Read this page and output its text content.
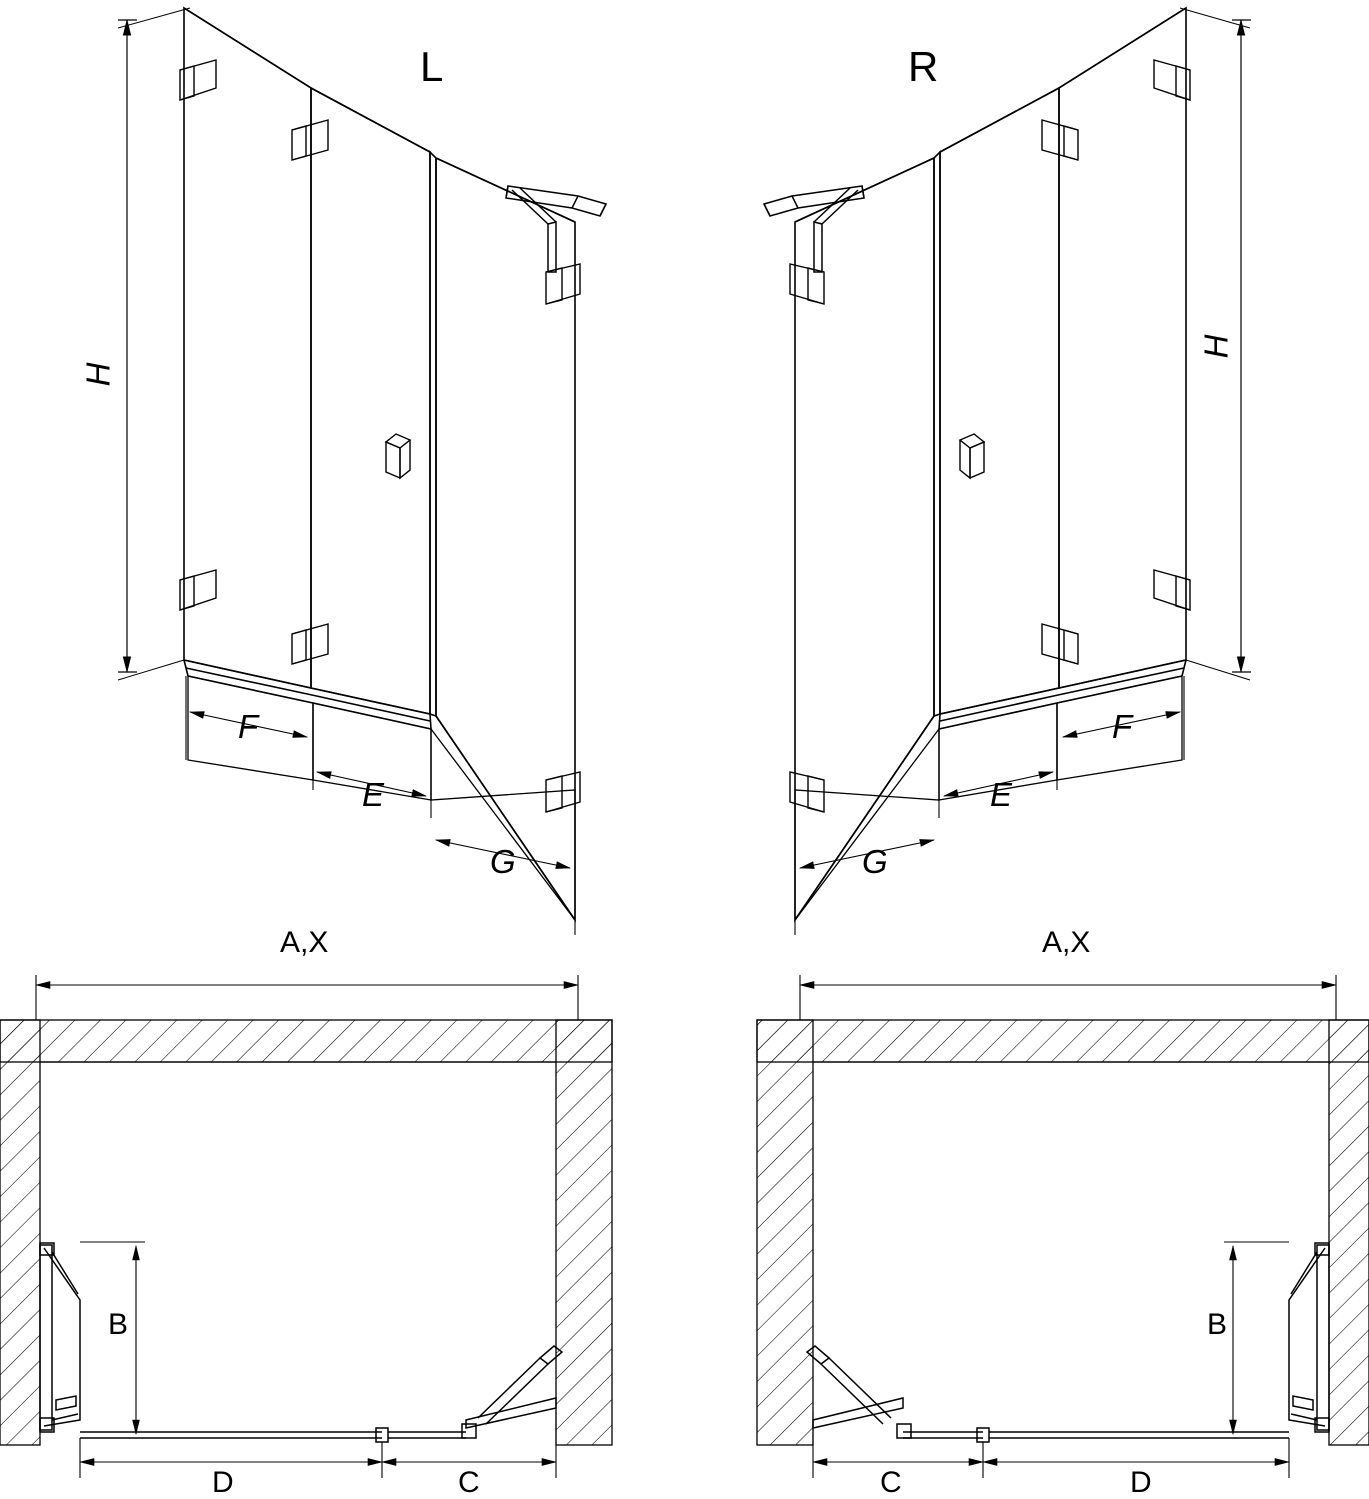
L	R
H
F
E
G
H
F
E
G
A,X
B
D	C
A,X
B
C	D
